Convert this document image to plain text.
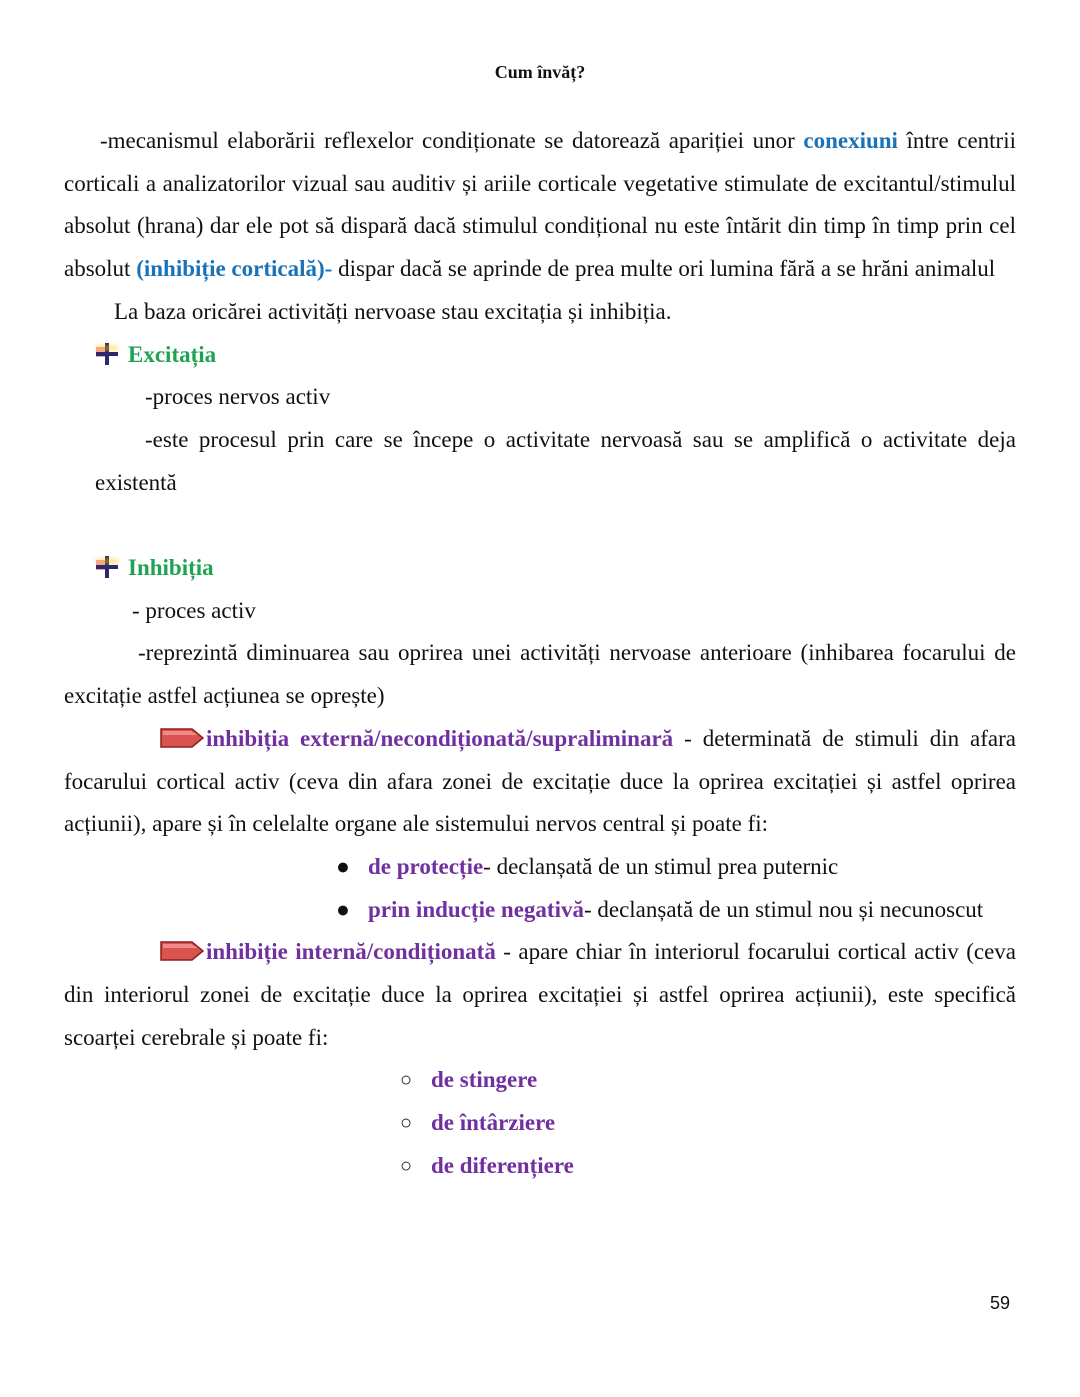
Cum învăț?

-mecanismul elaborării reflexelor condiționate se datorează apariției unor conexiuni între centrii corticali a analizatorilor vizual sau auditiv și ariile corticale vegetative stimulate de excitantul/stimulul absolut (hrana) dar ele pot să dispară dacă stimulul condițional nu este întărit din timp în timp prin cel absolut (inhibiție corticală)- dispar dacă se aprinde de prea multe ori lumina fără a se hrăni animalul

La baza oricărei activități nervoase stau excitația și inhibiția.

Excitația

-proces nervos activ

-este procesul prin care se începe o activitate nervoasă sau se amplifică o activitate deja existentă

Inhibiția

- proces activ

-reprezintă diminuarea sau oprirea unei activități nervoase anterioare (inhibarea focarului de excitație astfel acțiunea se oprește)

inhibiția externă/necondiționată/supraliminară - determinată de stimuli din afara focarului cortical activ (ceva din afara zonei de excitație duce la oprirea excitației și astfel oprirea acțiunii), apare și în celelalte organe ale sistemului nervos central și poate fi:

● de protecție- declanșată de un stimul prea puternic

● prin inducție negativă- declanșată de un stimul nou și necunoscut

inhibiție internă/condiționată - apare chiar în interiorul focarului cortical activ (ceva din interiorul zonei de excitație duce la oprirea excitației și astfel oprirea acțiunii), este specifică scoarței cerebrale și poate fi:

○ de stingere
○ de întârziere
○ de diferențiere
59
